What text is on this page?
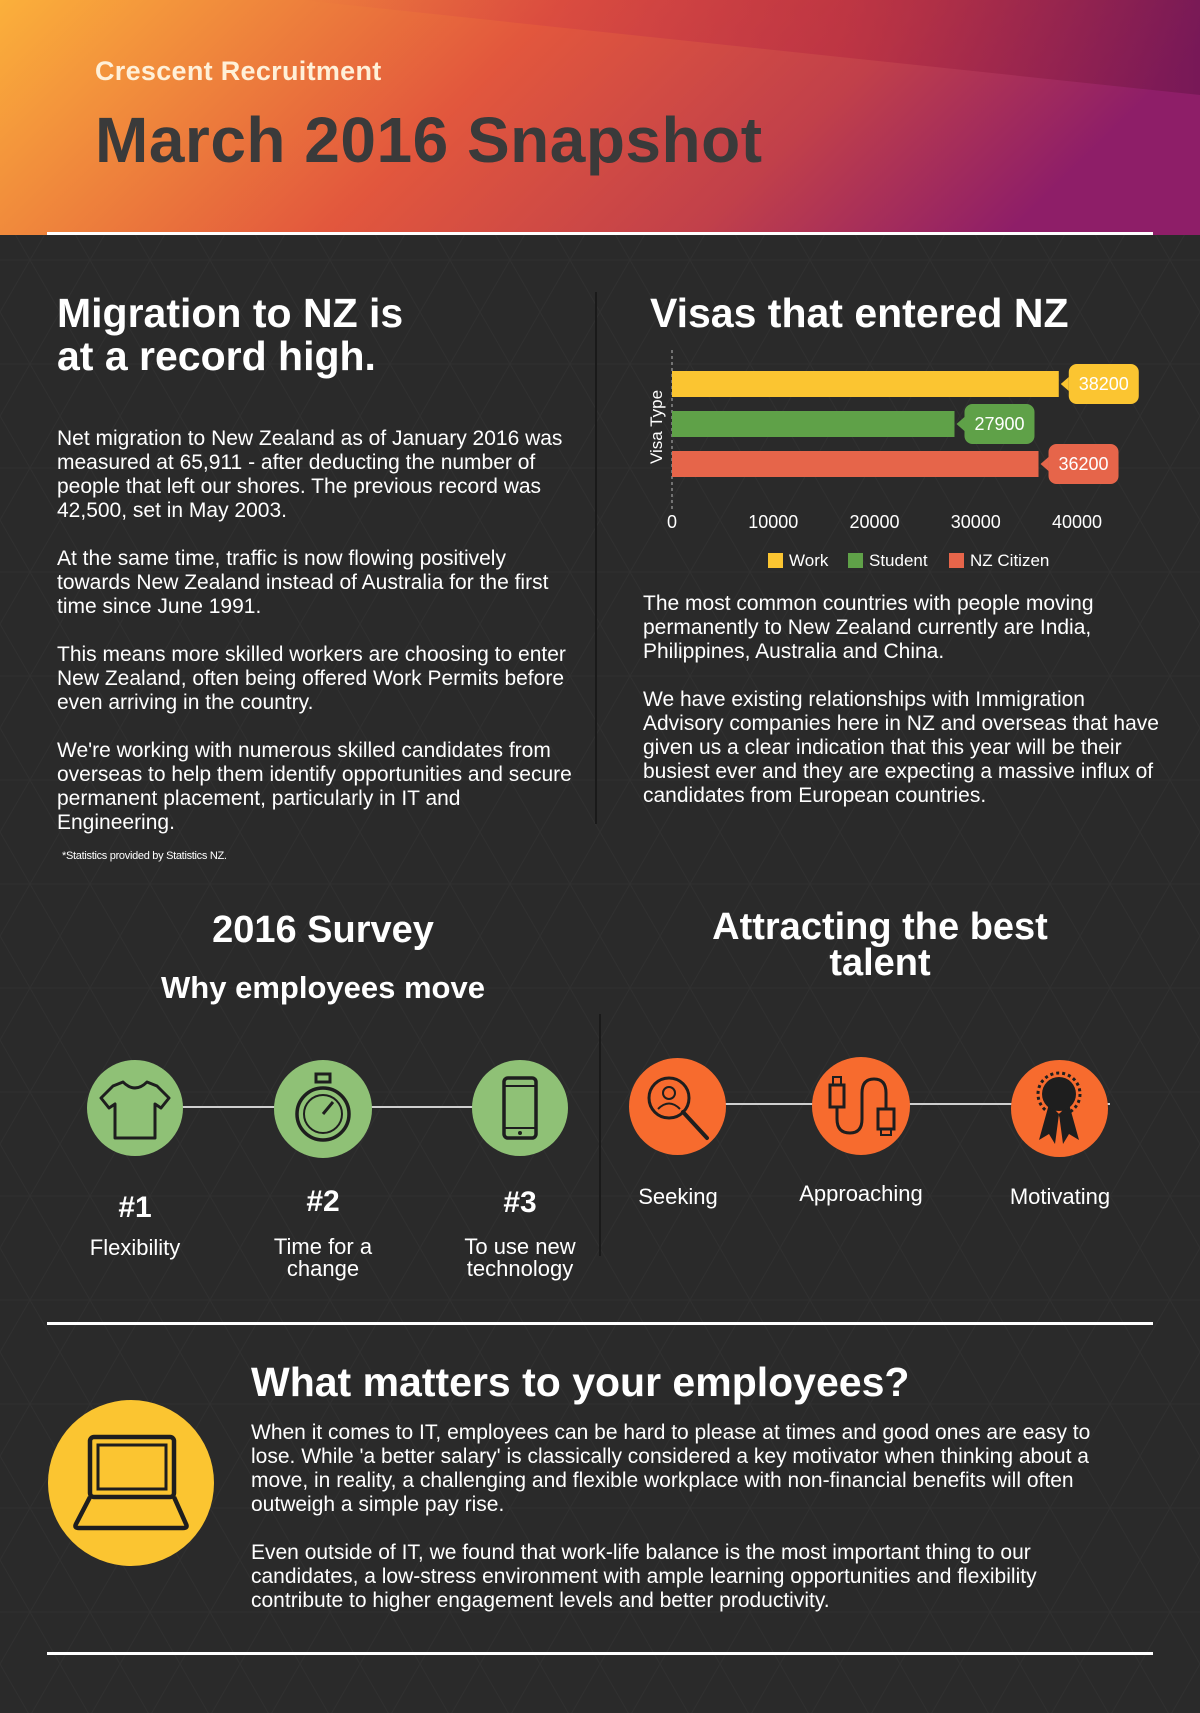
Crescent Recruitment
March 2016 Snapshot
Migration to NZ is
at a record high.

Net migration to New Zealand as of January 2016 was measured at 65,911 - after deducting the number of people that left our shores. The previous record was 42,500, set in May 2003.

At the same time, traffic is now flowing positively towards New Zealand instead of Australia for the first time since June 1991.

This means more skilled workers are choosing to enter New Zealand, often being offered Work Permits before even arriving in the country.

We're working with numerous skilled candidates from overseas to help them identify opportunities and secure permanent placement, particularly in IT and Engineering.

*Statistics provided by Statistics NZ.
Visas that entered NZ
Visa Type
38200
27900
36200
0	10000	20000	30000	40000
Work Student NZ Citizen

The most common countries with people moving permanently to New Zealand currently are India, Philippines, Australia and China.

We have existing relationships with Immigration Advisory companies here in NZ and overseas that have given us a clear indication that this year will be their busiest ever and they are expecting a massive influx of candidates from European countries.

2016 Survey
Why employees move
#1	#2	#3
Flexibility	Time for a
change
To use new
technology
Attracting the best
talent
Seeking	Approaching	Motivating
What matters to your employees?

When it comes to IT, employees can be hard to please at times and good ones are easy to lose. While 'a better salary' is classically considered a key motivator when thinking about a move, in reality, a challenging and flexible workplace with non-financial benefits will often outweigh a simple pay rise.

Even outside of IT, we found that work-life balance is the most important thing to our candidates, a low-stress environment with ample learning opportunities and flexibility contribute to higher engagement levels and better productivity.
